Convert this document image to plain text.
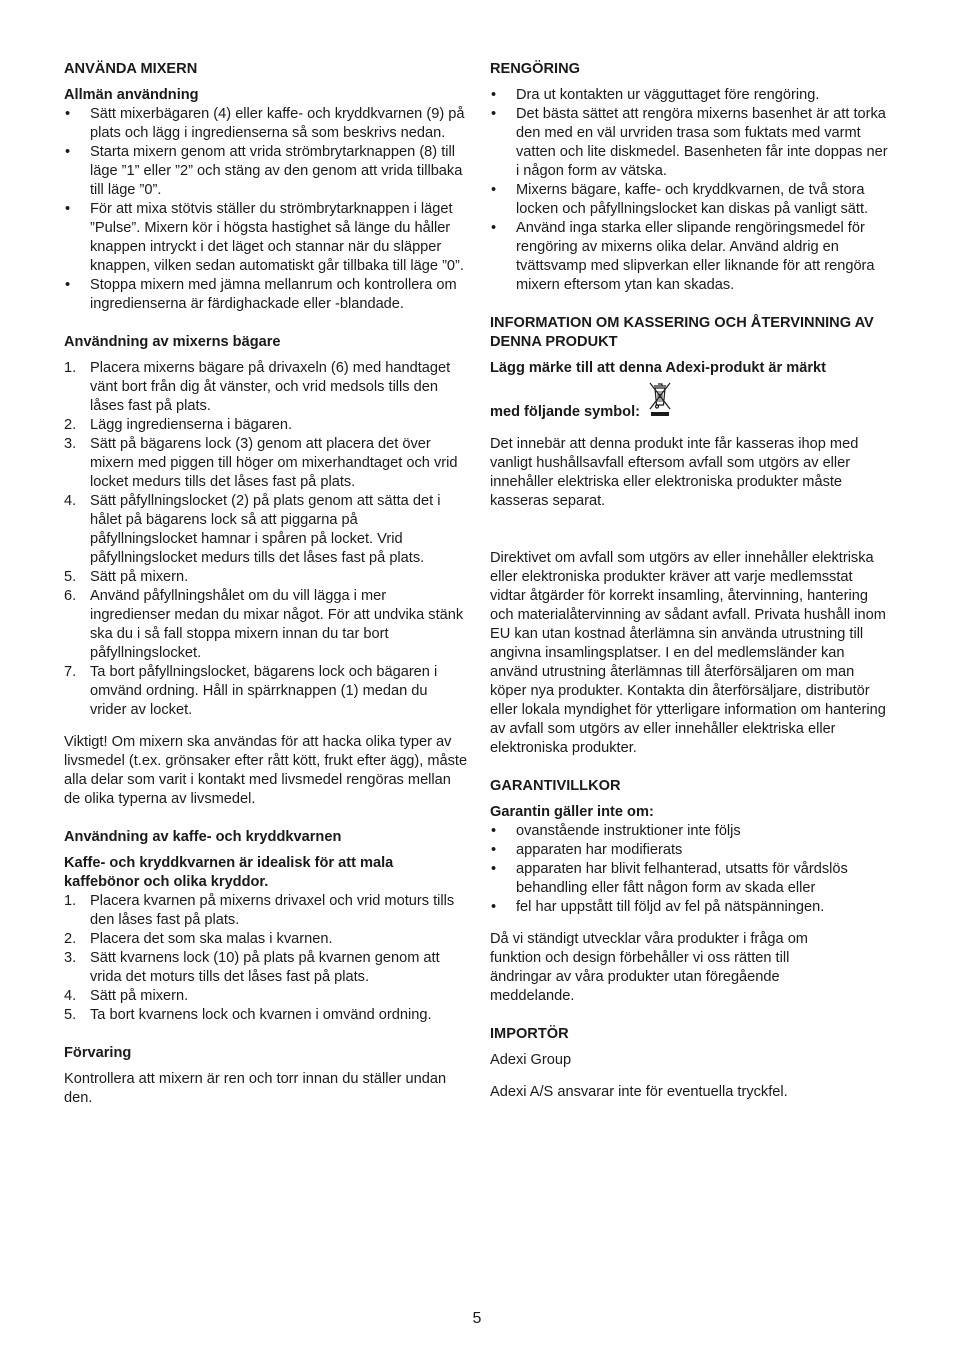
ANVÄNDA MIXERN

Allmän användning

• Sätt mixerbägaren (4) eller kaffe- och kryddkvarnen (9) på plats och lägg i ingredienserna så som beskrivs nedan.
• Starta mixern genom att vrida strömbrytarknappen (8) till läge ”1” eller ”2” och stäng av den genom att vrida tillbaka till läge ”0”.
• För att mixa stötvis ställer du strömbrytarknappen i läget ”Pulse”. Mixern kör i högsta hastighet så länge du håller knappen intryckt i det läget och stannar när du släpper knappen, vilken sedan automatiskt går tillbaka till läge ”0”.
• Stoppa mixern med jämna mellanrum och kontrollera om ingredienserna är färdighackade eller -blandade.

Användning av mixerns bägare

1. Placera mixerns bägare på drivaxeln (6) med handtaget vänt bort från dig åt vänster, och vrid medsols tills den låses fast på plats.
2. Lägg ingredienserna i bägaren.
3. Sätt på bägarens lock (3) genom att placera det över mixern med piggen till höger om mixerhandtaget och vrid locket medurs tills det låses fast på plats.
4. Sätt påfyllningslocket (2) på plats genom att sätta det i hålet på bägarens lock så att piggarna på påfyllningslocket hamnar i spåren på locket. Vrid påfyllningslocket medurs tills det låses fast på plats.
5. Sätt på mixern.
6. Använd påfyllningshålet om du vill lägga i mer ingredienser medan du mixar något. För att undvika stänk ska du i så fall stoppa mixern innan du tar bort påfyllningslocket.
7. Ta bort påfyllningslocket, bägarens lock och bägaren i omvänd ordning. Håll in spärrknappen (1) medan du vrider av locket.

Viktigt! Om mixern ska användas för att hacka olika typer av livsmedel (t.ex. grönsaker efter rått kött, frukt efter ägg), måste alla delar som varit i kontakt med livsmedel rengöras mellan de olika typerna av livsmedel.

Användning av kaffe- och kryddkvarnen

Kaffe- och kryddkvarnen är idealisk för att mala kaffebönor och olika kryddor.

1. Placera kvarnen på mixerns drivaxel och vrid moturs tills den låses fast på plats.
2. Placera det som ska malas i kvarnen.
3. Sätt kvarnens lock (10) på plats på kvarnen genom att vrida det moturs tills det låses fast på plats.
4. Sätt på mixern.
5. Ta bort kvarnens lock och kvarnen i omvänd ordning.

Förvaring

Kontrollera att mixern är ren och torr innan du ställer undan den.

RENGÖRING

• Dra ut kontakten ur vägguttaget före rengöring.
• Det bästa sättet att rengöra mixerns basenhet är att torka den med en väl urvriden trasa som fuktats med varmt vatten och lite diskmedel. Basenheten får inte doppas ner i någon form av vätska.
• Mixerns bägare, kaffe- och kryddkvarnen, de två stora locken och påfyllningslocket kan diskas på vanligt sätt.
• Använd inga starka eller slipande rengöringsmedel för rengöring av mixerns olika delar. Använd aldrig en tvättsvamp med slipverkan eller liknande för att rengöra mixern eftersom ytan kan skadas.

INFORMATION OM KASSERING OCH ÅTERVINNING AV DENNA PRODUKT

Lägg märke till att denna Adexi-produkt är märkt

med följande symbol:

Det innebär att denna produkt inte får kasseras ihop med vanligt hushållsavfall eftersom avfall som utgörs av eller innehåller elektriska eller elektroniska produkter måste kasseras separat.

Direktivet om avfall som utgörs av eller innehåller elektriska eller elektroniska produkter kräver att varje medlemsstat vidtar åtgärder för korrekt insamling, återvinning, hantering och materialåtervinning av sådant avfall. Privata hushåll inom EU kan utan kostnad återlämna sin använda utrustning till angivna insamlingsplatser. I en del medlemsländer kan använd utrustning återlämnas till återförsäljaren om man köper nya produkter. Kontakta din återförsäljare, distributör eller lokala myndighet för ytterligare information om hantering av avfall som utgörs av eller innehåller elektriska eller elektroniska produkter.

GARANTIVILLKOR

Garantin gäller inte om:

• ovanstående instruktioner inte följs
• apparaten har modifierats
• apparaten har blivit felhanterad, utsatts för vårdslös behandling eller fått någon form av skada eller
• fel har uppstått till följd av fel på nätspänningen.

Då vi ständigt utvecklar våra produkter i fråga om funktion och design förbehåller vi oss rätten till ändringar av våra produkter utan föregående meddelande.

IMPORTÖR

Adexi Group

Adexi A/S ansvarar inte för eventuella tryckfel.

5
